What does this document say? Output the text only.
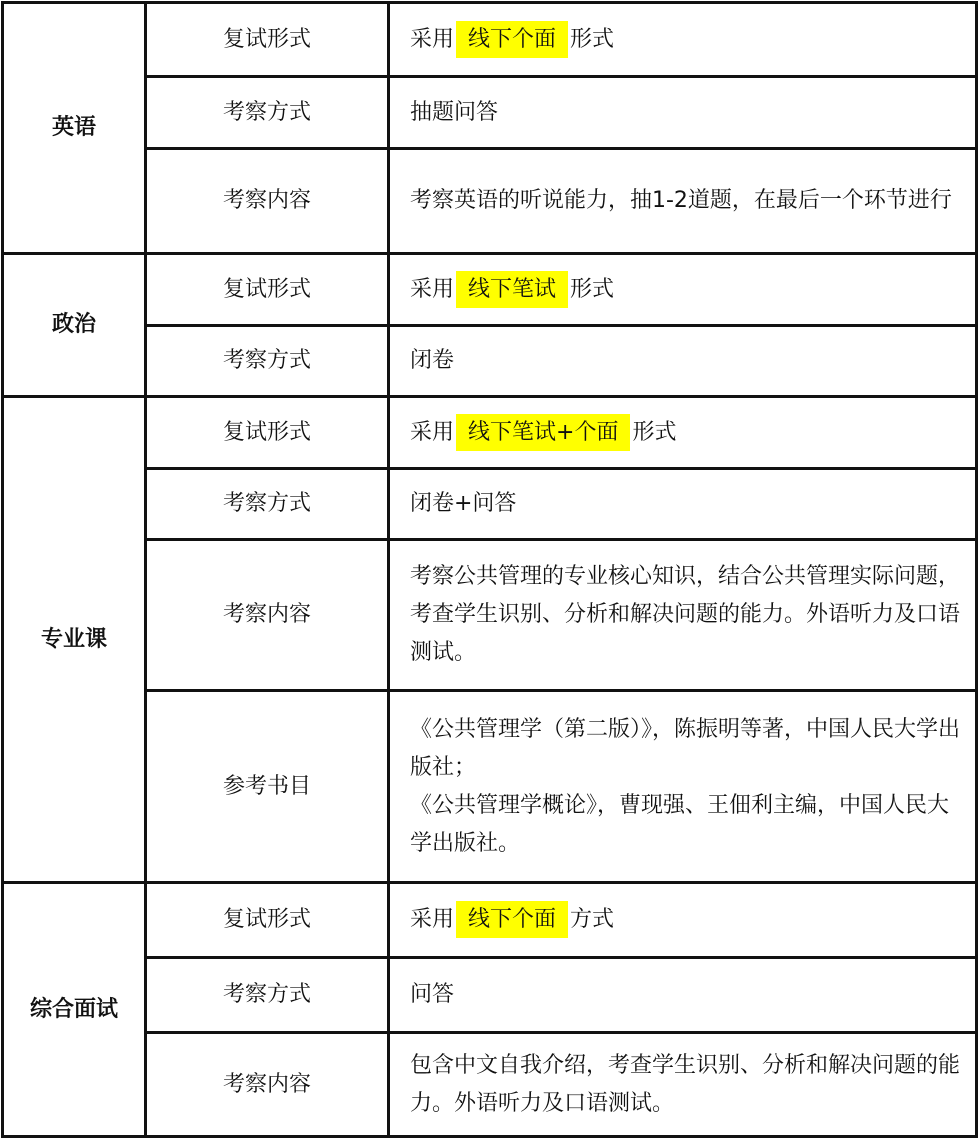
英语	复试形式	采用 线下个面 形式
	考察方式	抽题问答
	考察内容	考察英语的听说能力，抽1-2道题，在最后一个环节进行
政治	复试形式	采用 线下笔试 形式
	考察方式	闭卷
专业课	复试形式	采用 线下笔试+个面 形式
	考察方式	闭卷+问答
	考察内容	考察公共管理的专业核心知识，结合公共管理实际问题，考查学生识别、分析和解决问题的能力。外语听力及口语测试。
	参考书目	《公共管理学（第二版）》，陈振明等著，中国人民大学出版社；
《公共管理学概论》，曹现强、王佃利主编，中国人民大学出版社。

综合面试	复试形式	采用 线下个面 方式
	考察方式	问答
	考察内容	包含中文自我介绍，考查学生识别、分析和解决问题的能力。外语听力及口语测试。
